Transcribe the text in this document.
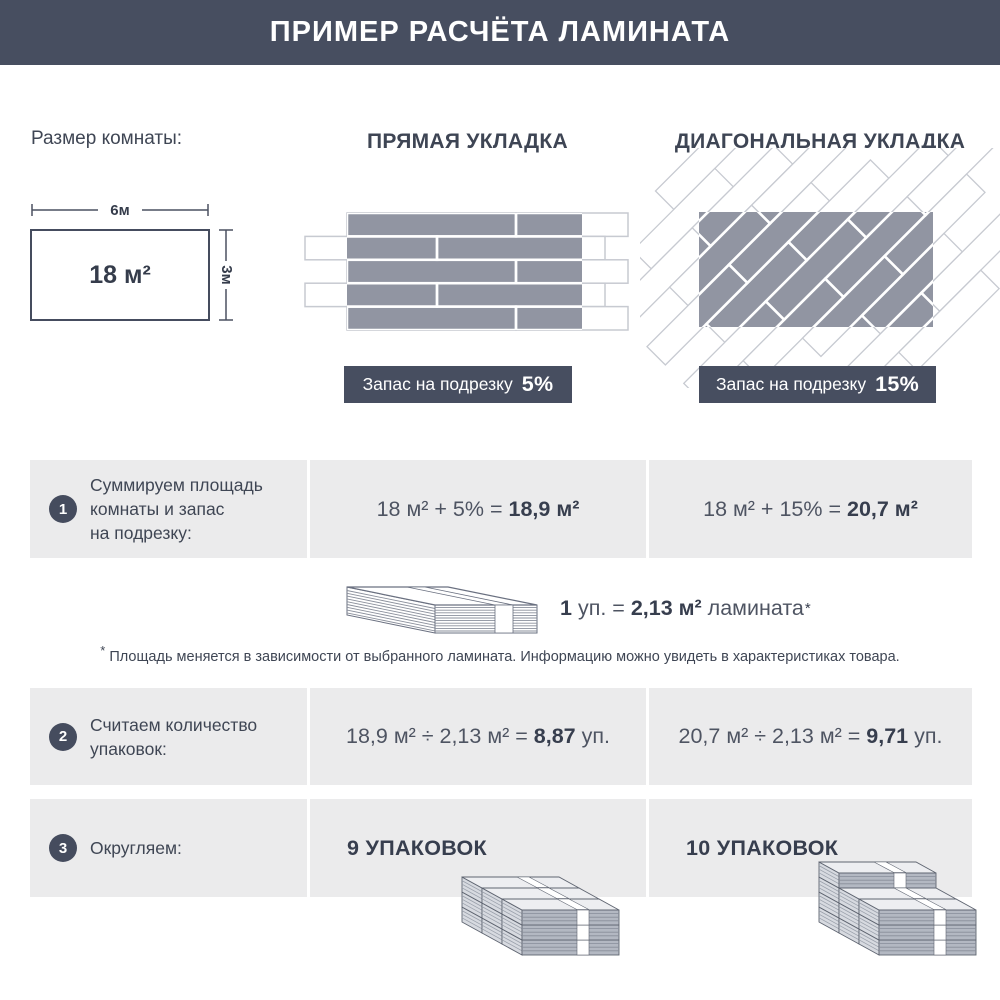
ПРИМЕР РАСЧЁТА ЛАМИНАТА
Размер комнаты:	ПРЯМАЯ УКЛАДКА	ДИАГОНАЛЬНАЯ УКЛАДКА
6м
18 м²	3м
Запас на подрезку 5%	Запас на подрезку 15%
1
Суммируем площадь
комнаты и запас
на подрезку:
18 м² + 5% = 18,9 м²	18 м² + 15% = 20,7 м²
1 уп. = 2,13 м² ламината *
* Площадь меняется в зависимости от выбранного ламината. Информацию можно увидеть в характеристиках товара.
2
Считаем количество
упаковок:
18,9 м² ÷ 2,13 м² = 8,87 уп.	20,7 м² ÷ 2,13 м² = 9,71 уп.
3	Округляем:	9 УПАКОВОК	10 УПАКОВОК
